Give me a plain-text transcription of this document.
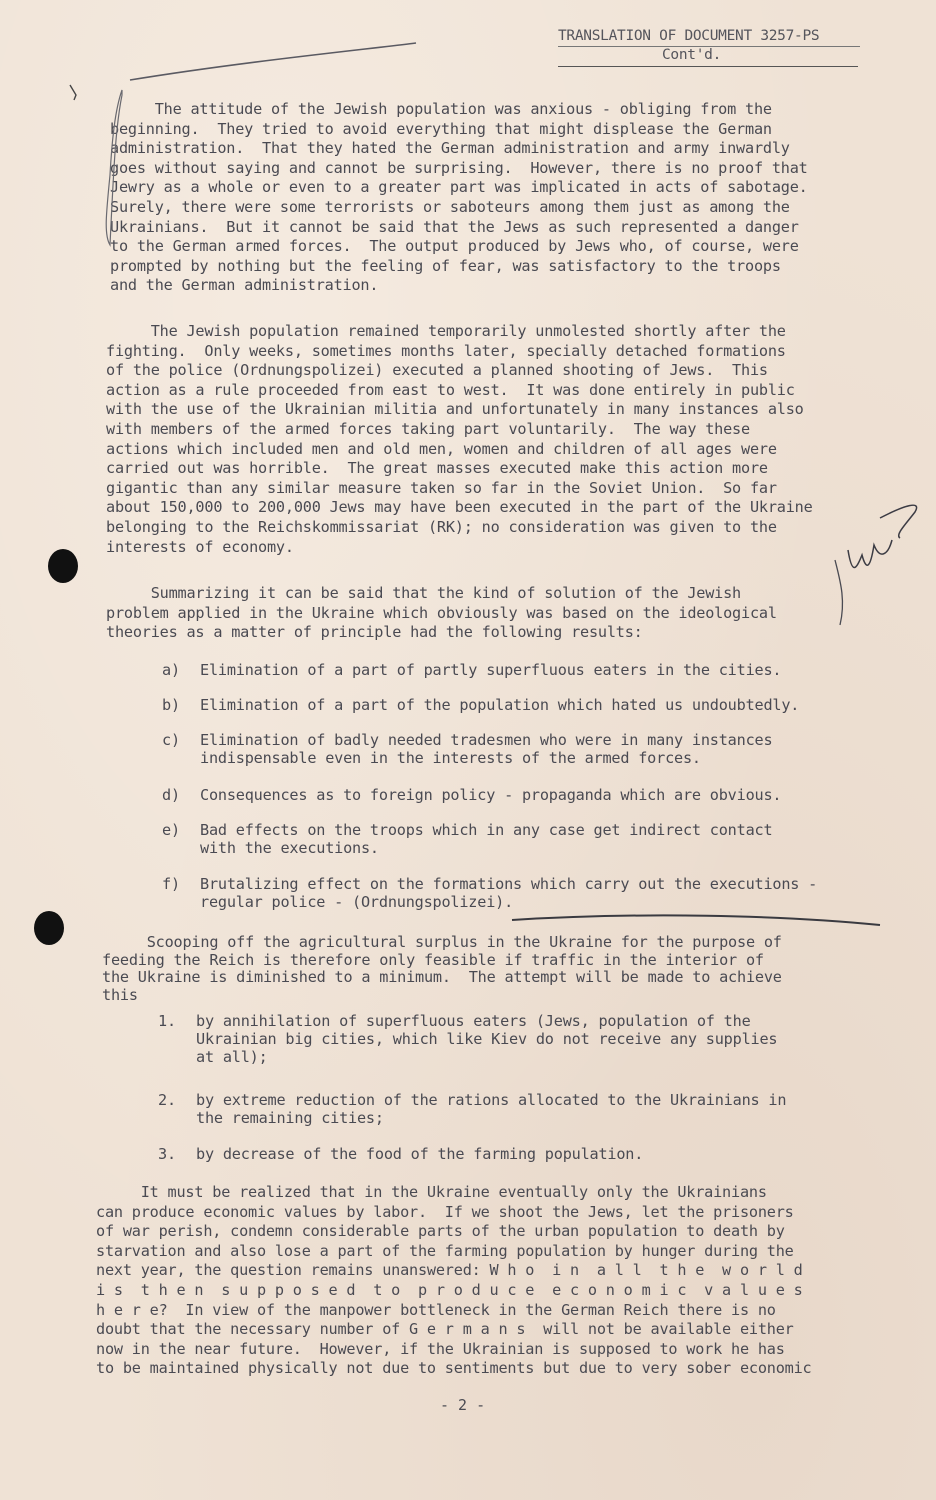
TRANSLATION OF DOCUMENT 3257-PS
Cont'd.

The attitude of the Jewish population was anxious - obliging from the
beginning.  They tried to avoid everything that might displease the German
administration.  That they hated the German administration and army inwardly
goes without saying and cannot be surprising.  However, there is no proof that
Jewry as a whole or even to a greater part was implicated in acts of sabotage.
Surely, there were some terrorists or saboteurs among them just as among the
Ukrainians.  But it cannot be said that the Jews as such represented a danger
to the German armed forces.  The output produced by Jews who, of course, were
prompted by nothing but the feeling of fear, was satisfactory to the troops
and the German administration.

The Jewish population remained temporarily unmolested shortly after the
fighting.  Only weeks, sometimes months later, specially detached formations
of the police (Ordnungspolizei) executed a planned shooting of Jews.  This
action as a rule proceeded from east to west.  It was done entirely in public
with the use of the Ukrainian militia and unfortunately in many instances also
with members of the armed forces taking part voluntarily.  The way these
actions which included men and old men, women and children of all ages were
carried out was horrible.  The great masses executed make this action more
gigantic than any similar measure taken so far in the Soviet Union.  So far
about 150,000 to 200,000 Jews may have been executed in the part of the Ukraine
belonging to the Reichskommissariat (RK); no consideration was given to the
interests of economy.

Summarizing it can be said that the kind of solution of the Jewish
problem applied in the Ukraine which obviously was based on the ideological
theories as a matter of principle had the following results:

a) Elimination of a part of partly superfluous eaters in the cities.
b) Elimination of a part of the population which hated us undoubtedly.
c) Elimination of badly needed tradesmen who were in many instances
indispensable even in the interests of the armed forces.
d) Consequences as to foreign policy - propaganda which are obvious.
e) Bad effects on the troops which in any case get indirect contact
with the executions.
f) Brutalizing effect on the formations which carry out the executions -
regular police - (Ordnungspolizei).

Scooping off the agricultural surplus in the Ukraine for the purpose of
feeding the Reich is therefore only feasible if traffic in the interior of
the Ukraine is diminished to a minimum.  The attempt will be made to achieve
this

1. by annihilation of superfluous eaters (Jews, population of the
Ukrainian big cities, which like Kiev do not receive any supplies
at all);
2. by extreme reduction of the rations allocated to the Ukrainians in
the remaining cities;
3. by decrease of the food of the farming population.

It must be realized that in the Ukraine eventually only the Ukrainians
can produce economic values by labor.  If we shoot the Jews, let the prisoners
of war perish, condemn considerable parts of the urban population to death by
starvation and also lose a part of the farming population by hunger during the
next year, the question remains unanswered: W h o  i n  a l l  t h e  w o r l d
i s  t h e n  s u p p o s e d  t o  p r o d u c e  e c o n o m i c  v a l u e s
h e r e?  In view of the manpower bottleneck in the German Reich there is no
doubt that the necessary number of G e r m a n s  will not be available either
now in the near future.  However, if the Ukrainian is supposed to work he has
to be maintained physically not due to sentiments but due to very sober economic

- 2 -
